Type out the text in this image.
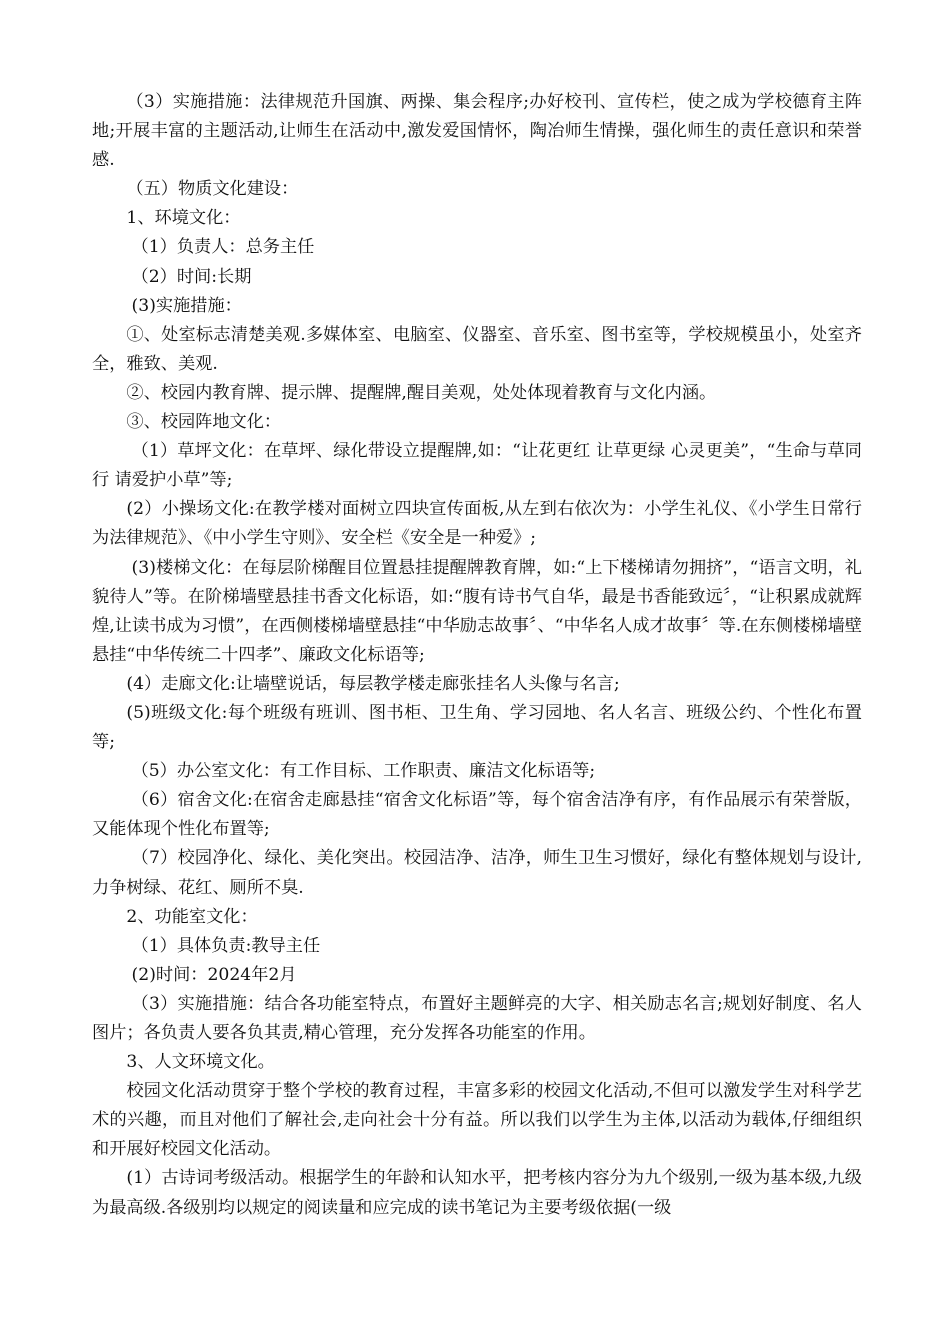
（3）实施措施：法律规范升国旗、两操、集会程序;办好校刊、宣传栏，使之成为学校德育主阵地;开展丰富的主题活动,让师生在活动中,激发爱国情怀，陶冶师生情操，强化师生的责任意识和荣誉感.

（五）物质文化建设：

1、环境文化：

（1）负责人：总务主任

（2）时间:长期

(3)实施措施：

①、处室标志清楚美观.多媒体室、电脑室、仪器室、音乐室、图书室等，学校规模虽小，处室齐全，雅致、美观.

②、校园内教育牌、提示牌、提醒牌,醒目美观，处处体现着教育与文化内涵。

③、校园阵地文化：

（1）草坪文化：在草坪、绿化带设立提醒牌,如：“让花更红 让草更绿 心灵更美”，“生命与草同行 请爱护小草”等;

(2）小操场文化:在教学楼对面树立四块宣传面板,从左到右依次为：小学生礼仪、《小学生日常行为法律规范》、《中小学生守则》、安全栏《安全是一种爱》;

(3)楼梯文化：在每层阶梯醒目位置悬挂提醒牌教育牌，如:“上下楼梯请勿拥挤”，“语言文明，礼貌待人”等。在阶梯墙壁悬挂书香文化标语，如:“腹有诗书气自华，最是书香能致远〞，“让积累成就辉煌,让读书成为习惯”，在西侧楼梯墙壁悬挂“中华励志故事〞、“中华名人成才故事〞等.在东侧楼梯墙壁悬挂“中华传统二十四孝”、廉政文化标语等;

(4）走廊文化:让墙壁说话，每层教学楼走廊张挂名人头像与名言;

(5)班级文化:每个班级有班训、图书柜、卫生角、学习园地、名人名言、班级公约、个性化布置等;

（5）办公室文化：有工作目标、工作职责、廉洁文化标语等;

（6）宿舍文化:在宿舍走廊悬挂“宿舍文化标语”等，每个宿舍洁净有序，有作品展示有荣誉版，又能体现个性化布置等;

（7）校园净化、绿化、美化突出。校园洁净、洁净，师生卫生习惯好，绿化有整体规划与设计,力争树绿、花红、厕所不臭.

2、功能室文化：

（1）具体负责:教导主任

(2)时间：2024年2月

（3）实施措施：结合各功能室特点，布置好主题鲜亮的大字、相关励志名言;规划好制度、名人图片；各负责人要各负其责,精心管理，充分发挥各功能室的作用。

3、人文环境文化。

校园文化活动贯穿于整个学校的教育过程，丰富多彩的校园文化活动,不但可以激发学生对科学艺术的兴趣，而且对他们了解社会,走向社会十分有益。所以我们以学生为主体,以活动为载体,仔细组织和开展好校园文化活动。

(1）古诗词考级活动。根据学生的年龄和认知水平，把考核内容分为九个级别,一级为基本级,九级为最高级.各级别均以规定的阅读量和应完成的读书笔记为主要考级依据(一级
